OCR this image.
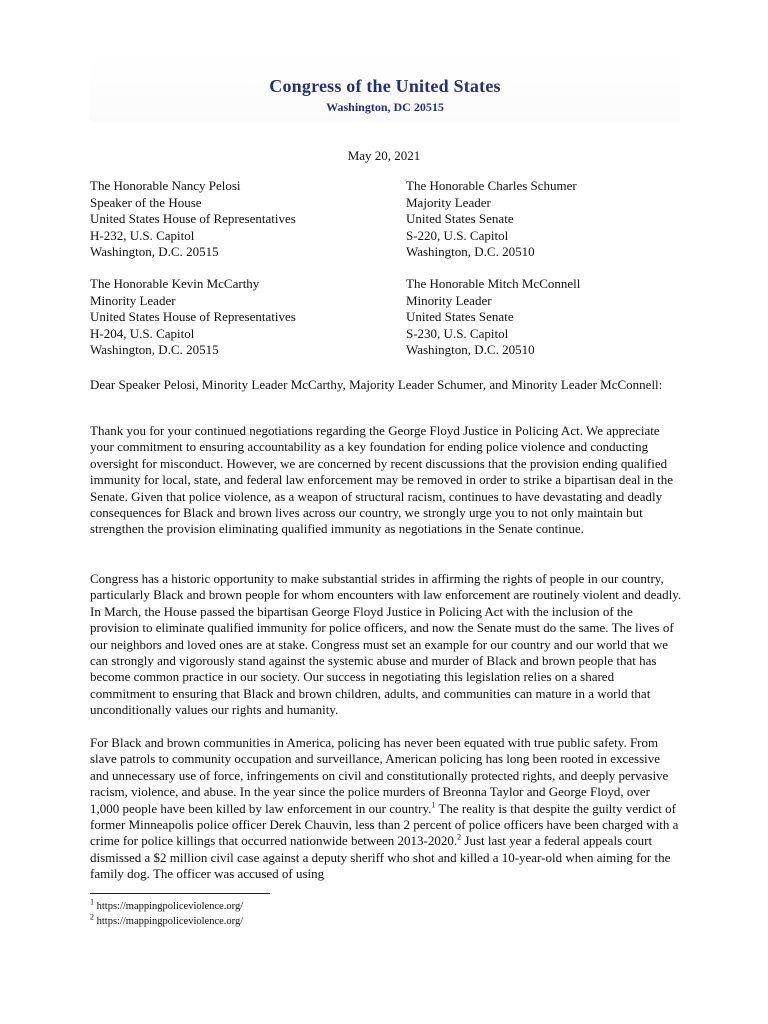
Congress of the United States
Washington, DC 20515
May 20, 2021
The Honorable Nancy Pelosi
Speaker of the House
United States House of Representatives
H-232, U.S. Capitol
Washington, D.C. 20515
The Honorable Charles Schumer
Majority Leader
United States Senate
S-220, U.S. Capitol
Washington, D.C. 20510
The Honorable Kevin McCarthy
Minority Leader
United States House of Representatives
H-204, U.S. Capitol
Washington, D.C. 20515
The Honorable Mitch McConnell
Minority Leader
United States Senate
S-230, U.S. Capitol
Washington, D.C. 20510
Dear Speaker Pelosi, Minority Leader McCarthy, Majority Leader Schumer, and Minority Leader McConnell:

Thank you for your continued negotiations regarding the George Floyd Justice in Policing Act. We appreciate your commitment to ensuring accountability as a key foundation for ending police violence and conducting oversight for misconduct. However, we are concerned by recent discussions that the provision ending qualified immunity for local, state, and federal law enforcement may be removed in order to strike a bipartisan deal in the Senate. Given that police violence, as a weapon of structural racism, continues to have devastating and deadly consequences for Black and brown lives across our country, we strongly urge you to not only maintain but strengthen the provision eliminating qualified immunity as negotiations in the Senate continue.

Congress has a historic opportunity to make substantial strides in affirming the rights of people in our country, particularly Black and brown people for whom encounters with law enforcement are routinely violent and deadly. In March, the House passed the bipartisan George Floyd Justice in Policing Act with the inclusion of the provision to eliminate qualified immunity for police officers, and now the Senate must do the same. The lives of our neighbors and loved ones are at stake. Congress must set an example for our country and our world that we can strongly and vigorously stand against the systemic abuse and murder of Black and brown people that has become common practice in our society. Our success in negotiating this legislation relies on a shared commitment to ensuring that Black and brown children, adults, and communities can mature in a world that unconditionally values our rights and humanity.

For Black and brown communities in America, policing has never been equated with true public safety. From slave patrols to community occupation and surveillance, American policing has long been rooted in excessive and unnecessary use of force, infringements on civil and constitutionally protected rights, and deeply pervasive racism, violence, and abuse. In the year since the police murders of Breonna Taylor and George Floyd, over 1,000 people have been killed by law enforcement in our country.$^1$ The reality is that despite the guilty verdict of former Minneapolis police officer Derek Chauvin, less than 2 percent of police officers have been charged with a crime for police killings that occurred nationwide between 2013-2020.$^2$ Just last year a federal appeals court dismissed a $2 million civil case against a deputy sheriff who shot and killed a 10-year-old when aiming for the family dog. The officer was accused of using

$^1$ https://mappingpoliceviolence.org/
$^2$ https://mappingpoliceviolence.org/
